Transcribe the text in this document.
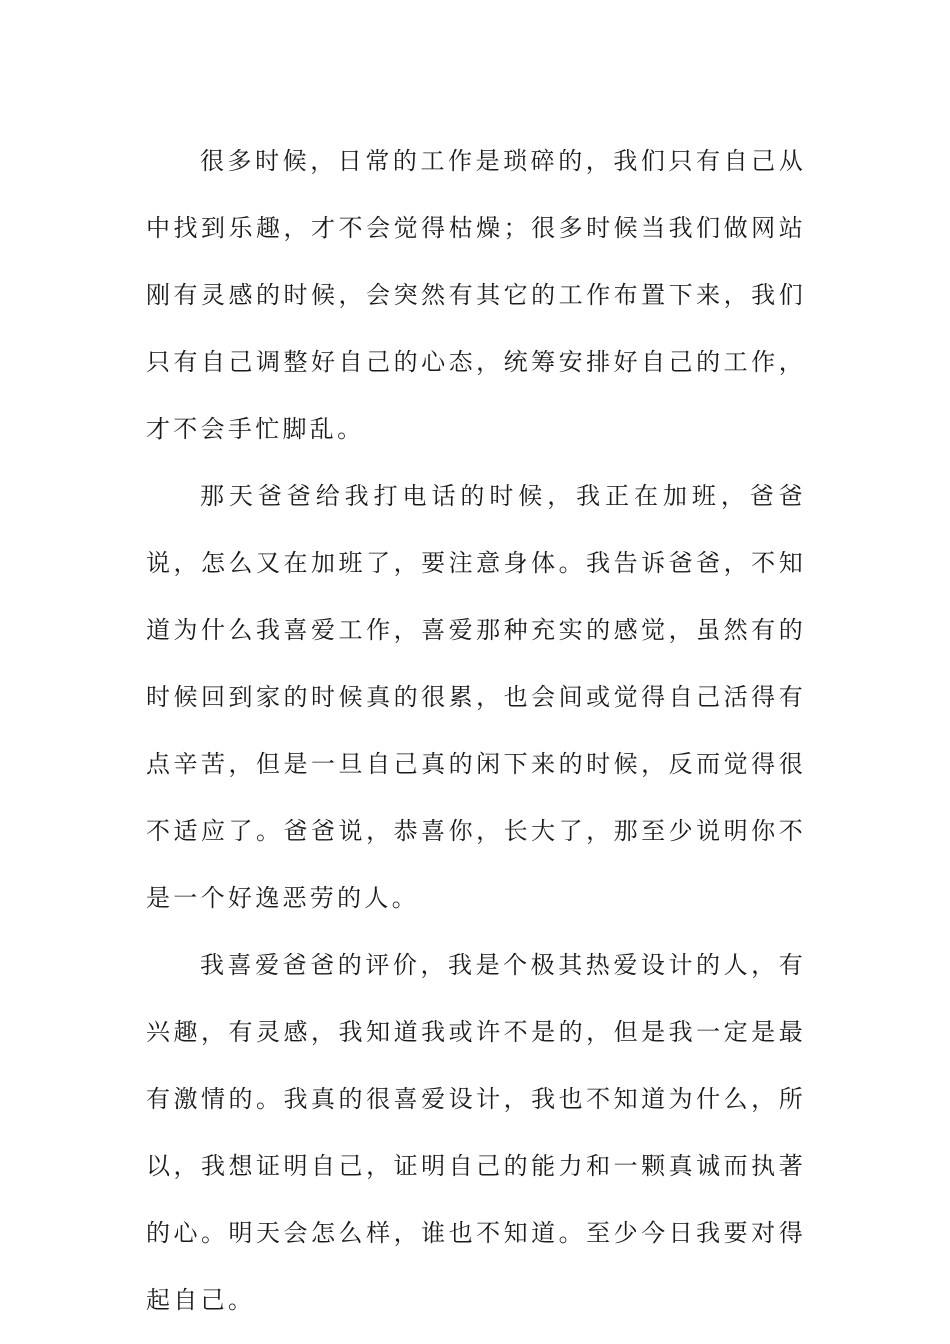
很多时候，日常的工作是琐碎的，我们只有自己从中找到乐趣，才不会觉得枯燥；很多时候当我们做网站刚有灵感的时候，会突然有其它的工作布置下来，我们只有自己调整好自己的心态，统筹安排好自己的工作，才不会手忙脚乱。

那天爸爸给我打电话的时候，我正在加班，爸爸说，怎么又在加班了，要注意身体。我告诉爸爸，不知道为什么我喜爱工作，喜爱那种充实的感觉，虽然有的时候回到家的时候真的很累，也会间或觉得自己活得有点辛苦，但是一旦自己真的闲下来的时候，反而觉得很不适应了。爸爸说，恭喜你，长大了，那至少说明你不是一个好逸恶劳的人。

我喜爱爸爸的评价，我是个极其热爱设计的人，有兴趣，有灵感，我知道我或许不是的，但是我一定是最有激情的。我真的很喜爱设计，我也不知道为什么，所以，我想证明自己，证明自己的能力和一颗真诚而执著的心。明天会怎么样，谁也不知道。至少今日我要对得起自己。
